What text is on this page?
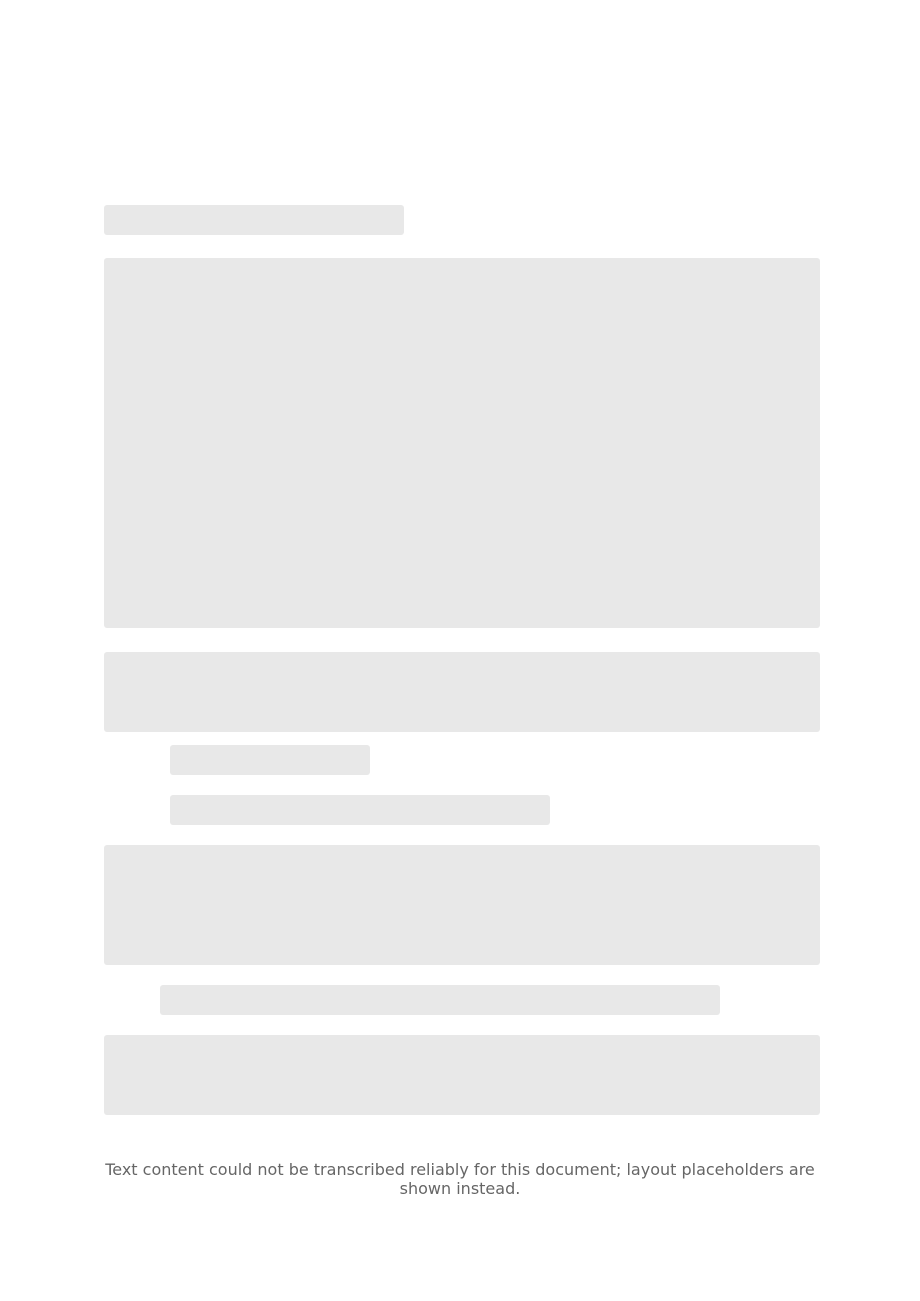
Text content could not be transcribed reliably for this document; layout placeholders are shown instead.
